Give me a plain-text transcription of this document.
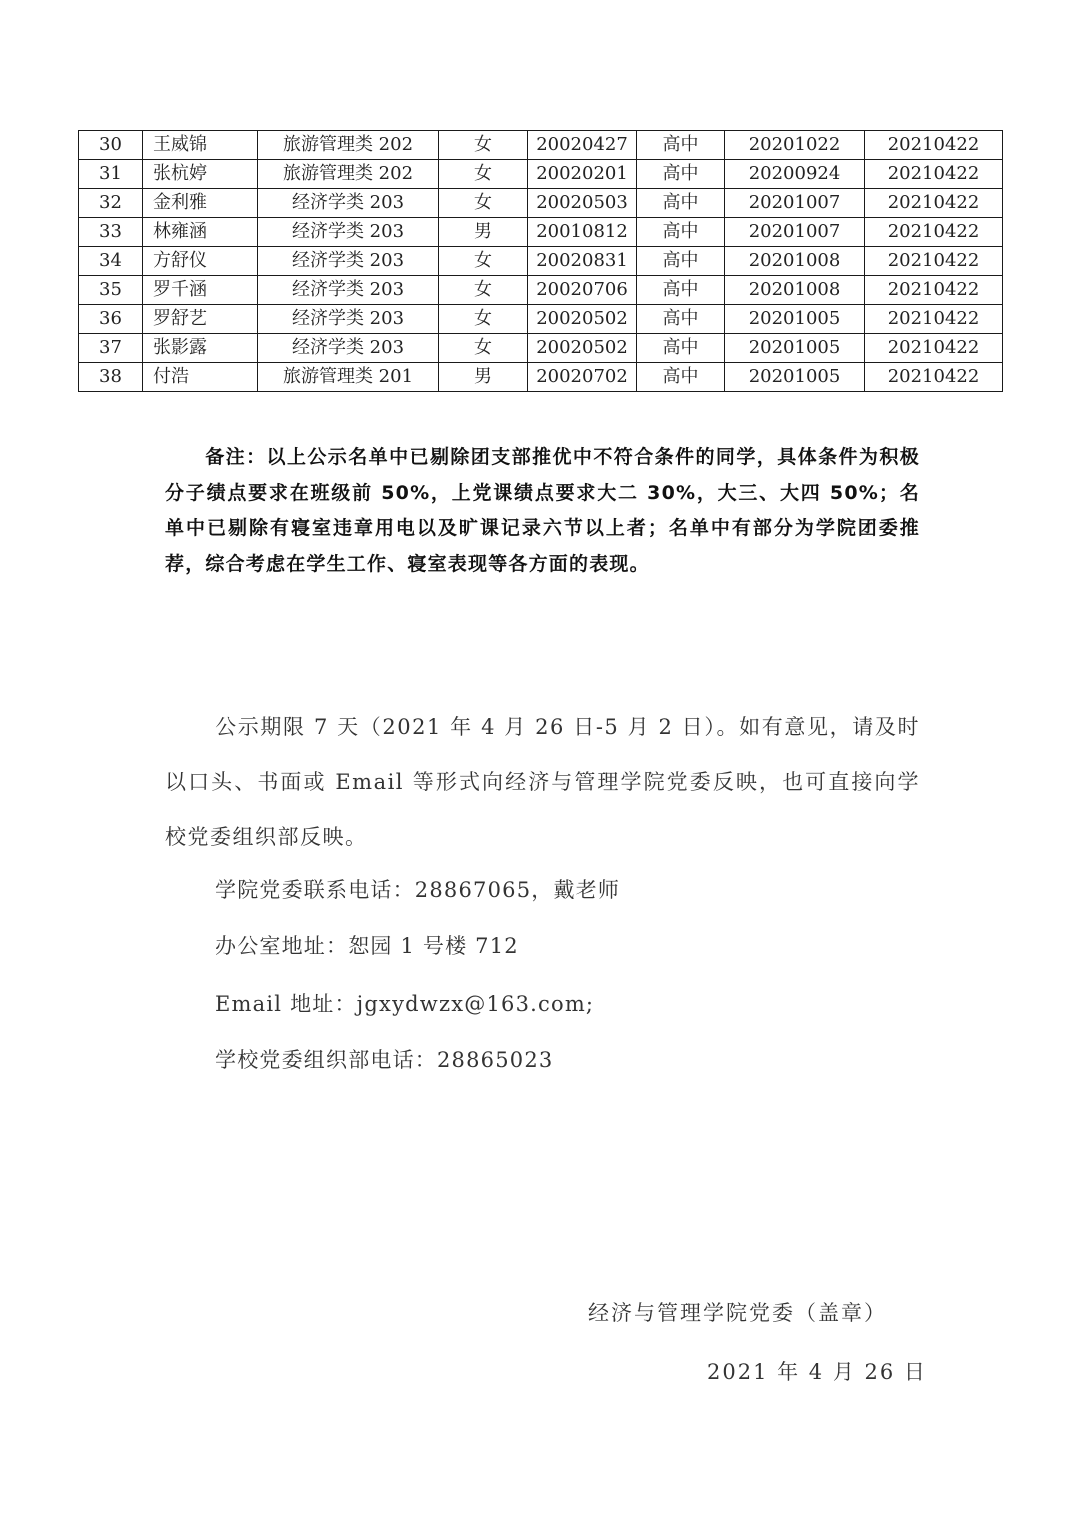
30	王威锦	旅游管理类 202	女	20020427	高中	20201022	20210422
31	张杭婷	旅游管理类 202	女	20020201	高中	20200924	20210422
32	金利雅	经济学类 203	女	20020503	高中	20201007	20210422
33	林雍涵	经济学类 203	男	20010812	高中	20201007	20210422
34	方舒仪	经济学类 203	女	20020831	高中	20201008	20210422
35	罗千涵	经济学类 203	女	20020706	高中	20201008	20210422
36	罗舒艺	经济学类 203	女	20020502	高中	20201005	20210422
37	张影露	经济学类 203	女	20020502	高中	20201005	20210422
38	付浩	旅游管理类 201	男	20020702	高中	20201005	20210422
备注：以上公示名单中已剔除团支部推优中不符合条件的同学，具体条件为积极分子绩点要求在班级前 50%，上党课绩点要求大二 30%，大三、大四 50%；名单中已剔除有寝室违章用电以及旷课记录六节以上者；名单中有部分为学院团委推荐，综合考虑在学生工作、寝室表现等各方面的表现。
公示期限 7 天（2021 年 4 月 26 日-5 月 2 日）。如有意见，请及时以口头、书面或 Email 等形式向经济与管理学院党委反映，也可直接向学校党委组织部反映。
学院党委联系电话：28867065，戴老师
办公室地址：恕园 1 号楼 712
Email 地址：jgxydwzx@163.com;
学校党委组织部电话：28865023
经济与管理学院党委（盖章）
2021 年 4 月 26 日
